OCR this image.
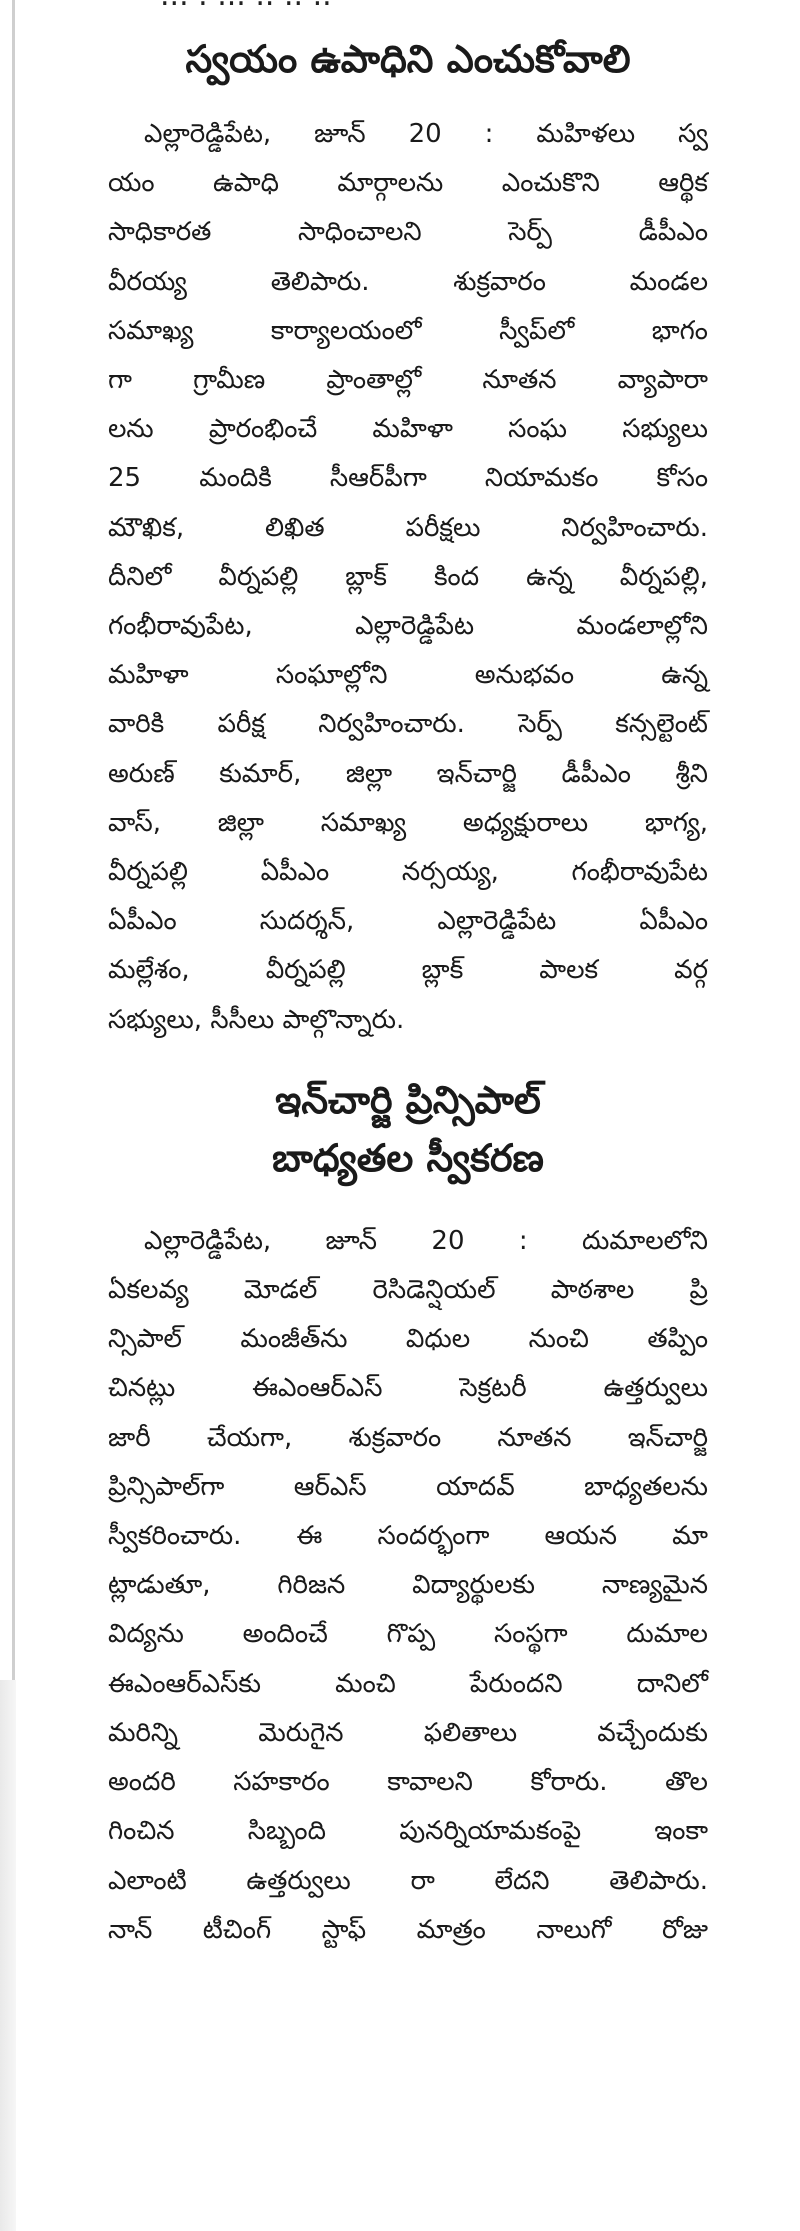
స్వయం ఉపాధిని ఎంచుకోవాలి

ఎల్లారెడ్డిపేట, జూన్ 20 : మహిళలు స్వ

యం ఉపాధి మార్గాలను ఎంచుకొని ఆర్థిక

సాధికారత సాధించాలని సెర్ప్ డీపీఎం

వీరయ్య తెలిపారు. శుక్రవారం మండల

సమాఖ్య కార్యాలయంలో స్వీప్‌లో భాగం

గా గ్రామీణ ప్రాంతాల్లో నూతన వ్యాపారా

లను ప్రారంభించే మహిళా సంఘ సభ్యులు

25 మందికి సీఆర్‌పీగా నియామకం కోసం

మౌఖిక, లిఖిత పరీక్షలు నిర్వహించారు.

దీనిలో వీర్నపల్లి బ్లాక్ కింద ఉన్న వీర్నపల్లి,

గంభీరావుపేట, ఎల్లారెడ్డిపేట మండలాల్లోని

మహిళా సంఘాల్లోని అనుభవం ఉన్న

వారికి పరీక్ష నిర్వహించారు. సెర్ప్ కన్సల్టెంట్

అరుణ్ కుమార్, జిల్లా ఇన్‌చార్జి డీపీఎం శ్రీని

వాస్, జిల్లా సమాఖ్య అధ్యక్షురాలు భాగ్య,

వీర్నపల్లి ఏపీఎం నర్సయ్య, గంభీరావుపేట

ఏపీఎం సుదర్శన్, ఎల్లారెడ్డిపేట ఏపీఎం

మల్లేశం, వీర్నపల్లి బ్లాక్ పాలక వర్గ

సభ్యులు, సీసీలు పాల్గొన్నారు.

ఇన్‌చార్జి ప్రిన్సిపాల్
బాధ్యతల స్వీకరణ

ఎల్లారెడ్డిపేట, జూన్ 20 : దుమాలలోని

ఏకలవ్య మోడల్ రెసిడెన్షియల్ పాఠశాల ప్రి

న్సిపాల్ మంజీత్‌ను విధుల నుంచి తప్పిం

చినట్లు ఈఎంఆర్ఎస్ సెక్రటరీ ఉత్తర్వులు

జారీ చేయగా, శుక్రవారం నూతన ఇన్‌చార్జి

ప్రిన్సిపాల్‌గా ఆర్ఎస్ యాదవ్ బాధ్యతలను

స్వీకరించారు. ఈ సందర్భంగా ఆయన మా

ట్లాడుతూ, గిరిజన విద్యార్థులకు నాణ్యమైన

విద్యను అందించే గొప్ప సంస్థగా దుమాల

ఈఎంఆర్ఎస్‌కు మంచి పేరుందని దానిలో

మరిన్ని మెరుగైన ఫలితాలు వచ్చేందుకు

అందరి సహకారం కావాలని కోరారు. తొల

గించిన సిబ్బంది పునర్నియామకంపై ఇంకా

ఎలాంటి ఉత్తర్వులు రా లేదని తెలిపారు.

నాన్ టీచింగ్ స్టాఫ్ మాత్రం నాలుగో రోజు
